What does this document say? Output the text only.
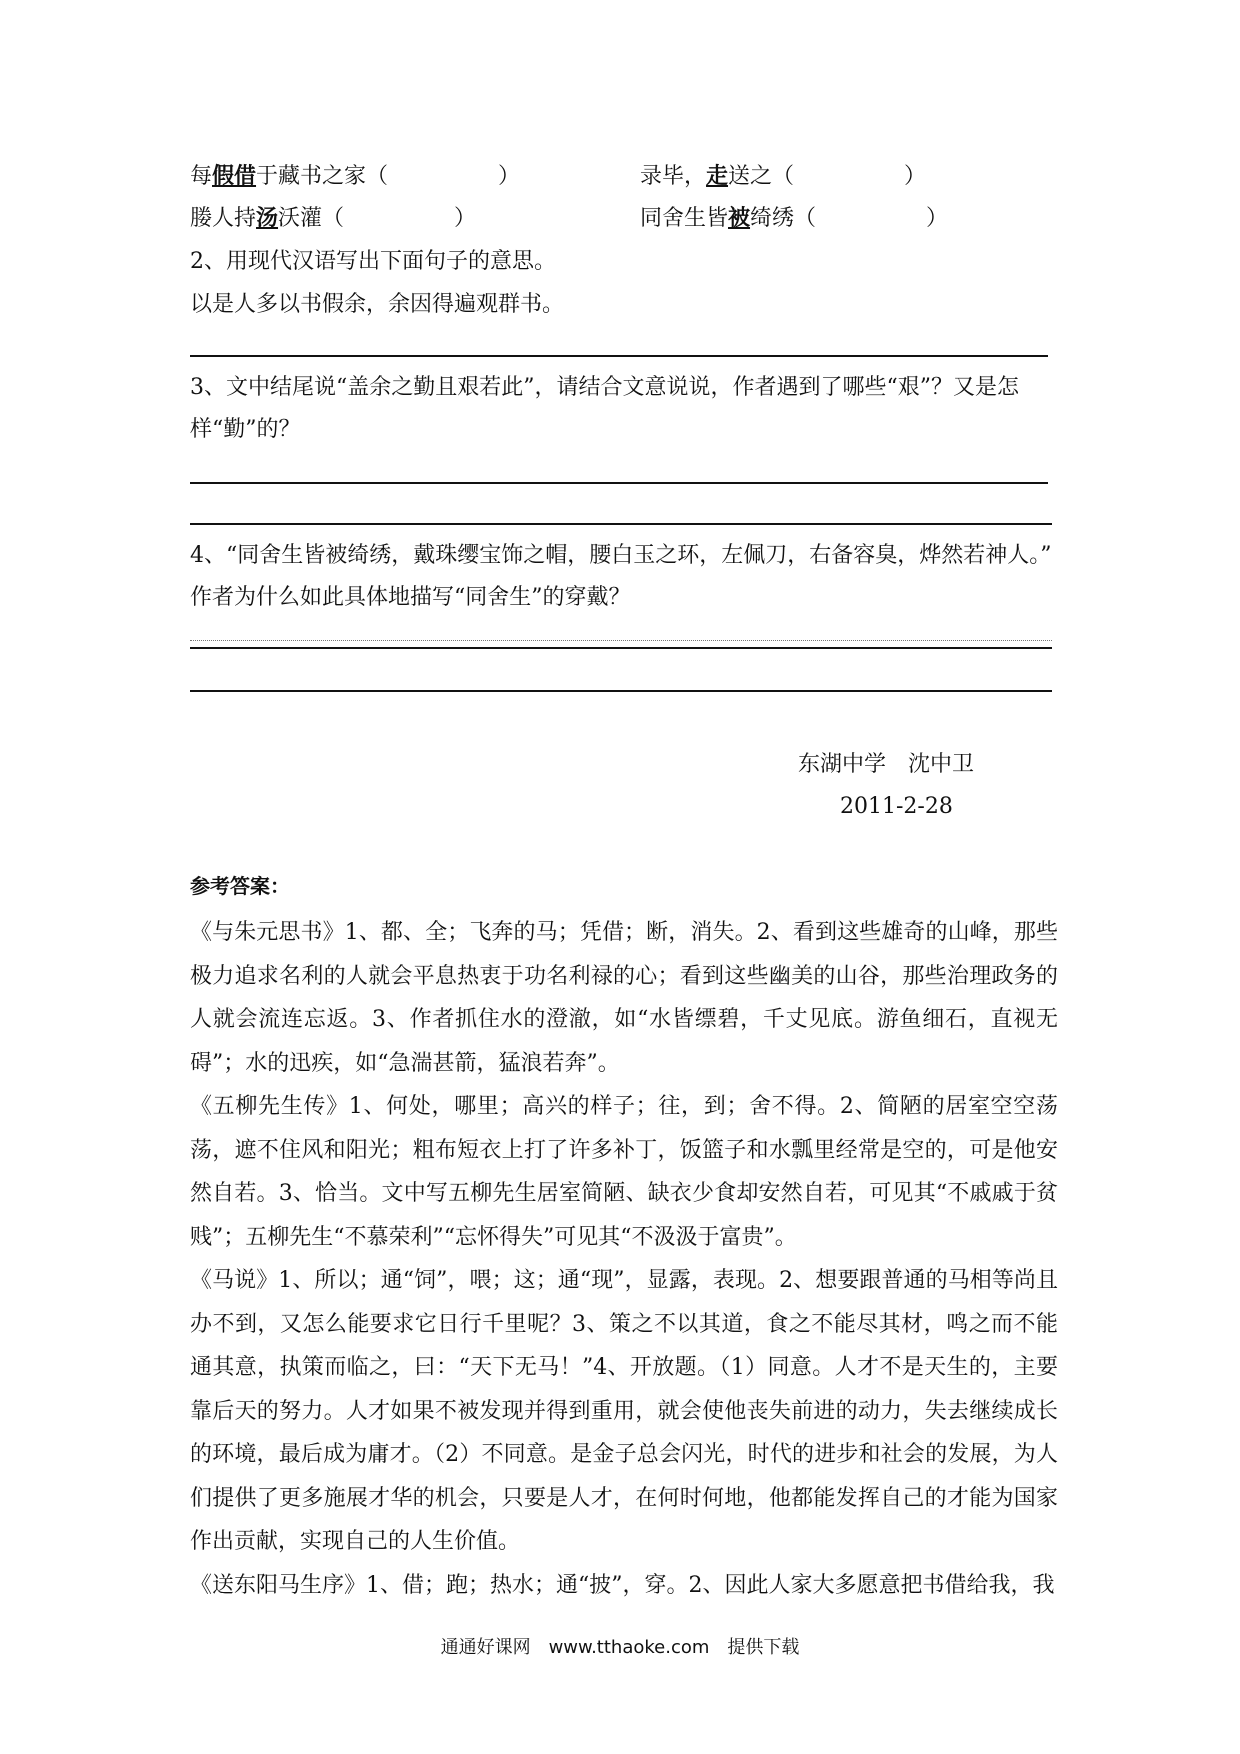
每假借于藏书之家（　　　　　）	录毕，走送之（　　　　　）
媵人持汤沃灌（　　　　　）	同舍生皆被绮绣（　　　　　）
2、用现代汉语写出下面句子的意思。
以是人多以书假余，余因得遍观群书。
3、文中结尾说“盖余之勤且艰若此”，请结合文意说说，作者遇到了哪些“艰”？又是怎
样“勤”的？
4、“同舍生皆被绮绣，戴珠缨宝饰之帽，腰白玉之环，左佩刀，右备容臭，烨然若神人。”
作者为什么如此具体地描写“同舍生”的穿戴？
东湖中学　沈中卫
2011-2-28
参考答案：

《与朱元思书》1、都、全；飞奔的马；凭借；断，消失。2、看到这些雄奇的山峰，那些极力追求名利的人就会平息热衷于功名利禄的心；看到这些幽美的山谷，那些治理政务的人就会流连忘返。3、作者抓住水的澄澈，如“水皆缥碧，千丈见底。游鱼细石，直视无碍”；水的迅疾，如“急湍甚箭，猛浪若奔”。

《五柳先生传》1、何处，哪里；高兴的样子；往，到；舍不得。2、简陋的居室空空荡荡，遮不住风和阳光；粗布短衣上打了许多补丁，饭篮子和水瓢里经常是空的，可是他安然自若。3、恰当。文中写五柳先生居室简陋、缺衣少食却安然自若，可见其“不戚戚于贫贱”；五柳先生“不慕荣利”“忘怀得失”可见其“不汲汲于富贵”。

《马说》1、所以；通“饲”，喂；这；通“现”，显露，表现。2、想要跟普通的马相等尚且办不到，又怎么能要求它日行千里呢？3、策之不以其道，食之不能尽其材，鸣之而不能通其意，执策而临之，曰：“天下无马！”4、开放题。（1）同意。人才不是天生的，主要靠后天的努力。人才如果不被发现并得到重用，就会使他丧失前进的动力，失去继续成长的环境，最后成为庸才。（2）不同意。是金子总会闪光，时代的进步和社会的发展，为人们提供了更多施展才华的机会，只要是人才，在何时何地，他都能发挥自己的才能为国家作出贡献，实现自己的人生价值。

《送东阳马生序》1、借；跑；热水；通“披”，穿。2、因此人家大多愿意把书借给我，我

通通好课网　www.tthaoke.com　提供下载
